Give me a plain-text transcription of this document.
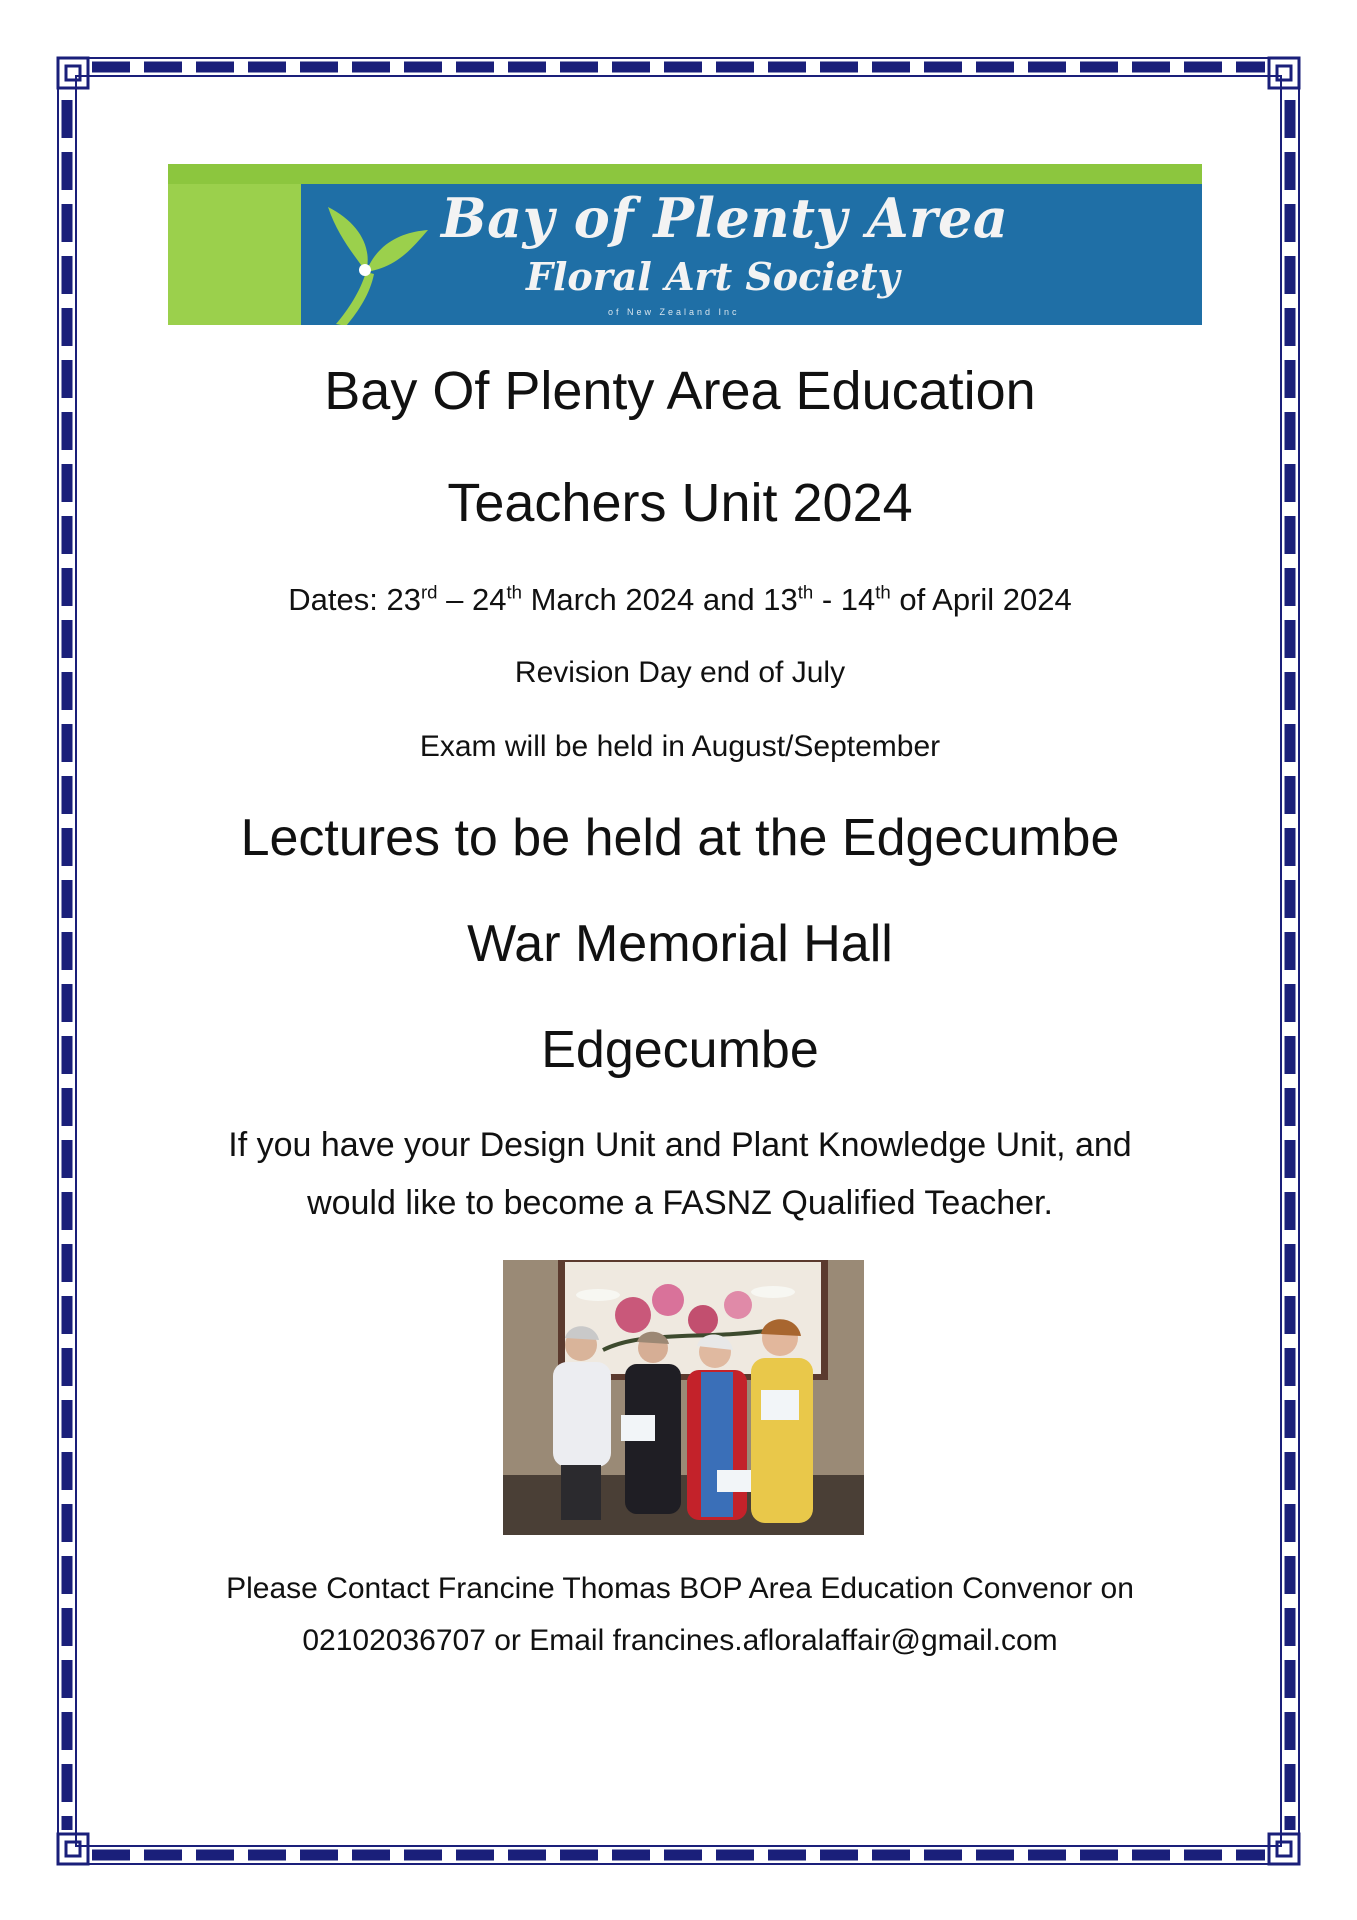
Bay of Plenty Area
Floral Art Society
of New Zealand Inc
Bay Of Plenty Area Education
Teachers Unit 2024
Dates: 23rd – 24th March 2024 and 13th - 14th of April 2024
Revision Day end of July
Exam will be held in August/September
Lectures to be held at the Edgecumbe
War Memorial Hall
Edgecumbe
If you have your Design Unit and Plant Knowledge Unit, and
would like to become a FASNZ Qualified Teacher.
Please Contact Francine Thomas BOP Area Education Convenor on
02102036707 or Email francines.afloralaffair@gmail.com
